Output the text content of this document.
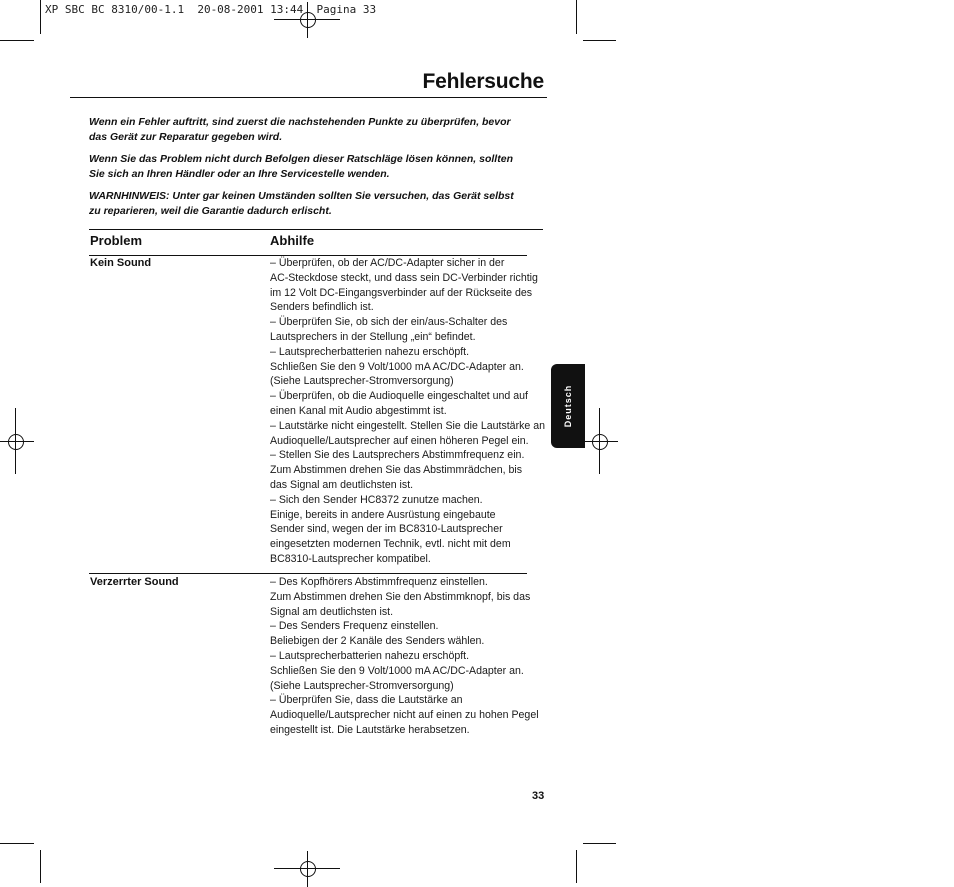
XP SBC BC 8310/00-1.1  20-08-2001 13:44  Pagina 33
Fehlersuche

Wenn ein Fehler auftritt, sind zuerst die nachstehenden Punkte zu überprüfen, bevor
das Gerät zur Reparatur gegeben wird.

Wenn Sie das Problem nicht durch Befolgen dieser Ratschläge lösen können, sollten
Sie sich an Ihren Händler oder an Ihre Servicestelle wenden.

WARNHINWEIS: Unter gar keinen Umständen sollten Sie versuchen, das Gerät selbst
zu reparieren, weil die Garantie dadurch erlischt.

Problem	Abhilfe
Kein Sound	– Überprüfen, ob der AC/DC-Adapter sicher in der
AC-Steckdose steckt, und dass sein DC-Verbinder richtig
im 12 Volt DC-Eingangsverbinder auf der Rückseite des
Senders befindlich ist.
– Überprüfen Sie, ob sich der ein/aus-Schalter des
Lautsprechers in der Stellung „ein“ befindet.
– Lautsprecherbatterien nahezu erschöpft.
Schließen Sie den 9 Volt/1000 mA AC/DC-Adapter an.
(Siehe Lautsprecher-Stromversorgung)
– Überprüfen, ob die Audioquelle eingeschaltet und auf
einen Kanal mit Audio abgestimmt ist.
– Lautstärke nicht eingestellt. Stellen Sie die Lautstärke an
Audioquelle/Lautsprecher auf einen höheren Pegel ein.
– Stellen Sie des Lautsprechers Abstimmfrequenz ein.
Zum Abstimmen drehen Sie das Abstimmrädchen, bis
das Signal am deutlichsten ist.
– Sich den Sender HC8372 zunutze machen.
Einige, bereits in andere Ausrüstung eingebaute
Sender sind, wegen der im BC8310-Lautsprecher
eingesetzten modernen Technik, evtl. nicht mit dem
BC8310-Lautsprecher kompatibel.
Verzerrter Sound	– Des Kopfhörers Abstimmfrequenz einstellen.
Zum Abstimmen drehen Sie den Abstimmknopf, bis das
Signal am deutlichsten ist.
– Des Senders Frequenz einstellen.
Beliebigen der 2 Kanäle des Senders wählen.
– Lautsprecherbatterien nahezu erschöpft.
Schließen Sie den 9 Volt/1000 mA AC/DC-Adapter an.
(Siehe Lautsprecher-Stromversorgung)
– Überprüfen Sie, dass die Lautstärke an
Audioquelle/Lautsprecher nicht auf einen zu hohen Pegel
eingestellt ist. Die Lautstärke herabsetzen.
Deutsch
33
